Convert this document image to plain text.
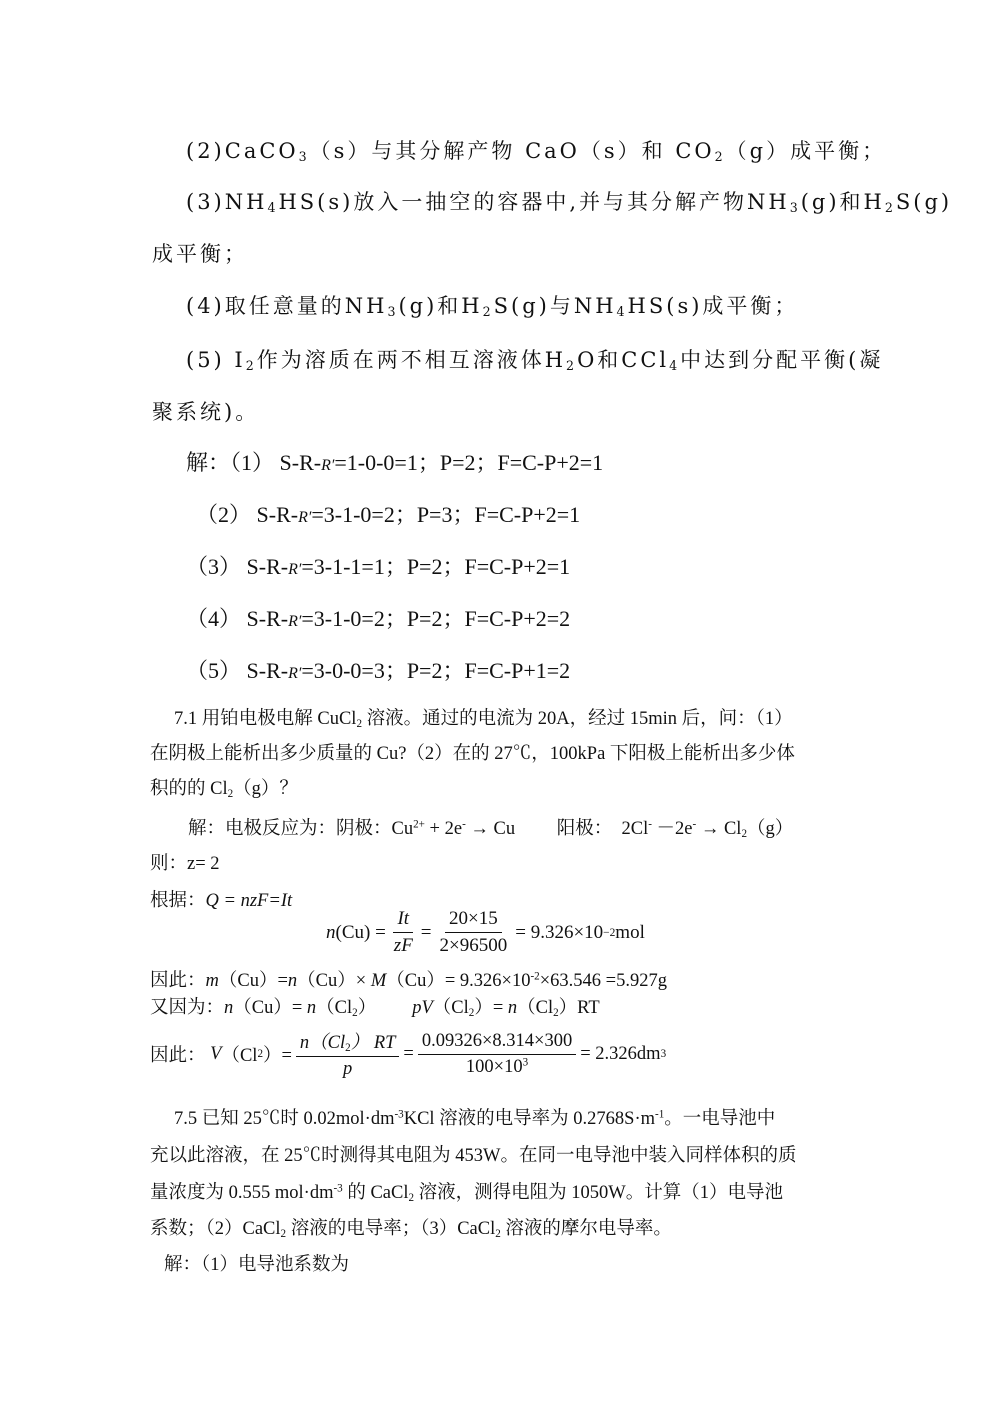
(2)CaCO$_3$（s）与其分解产物 CaO（s）和 $CO_2(g)$成平衡；
$(3)NH_4HS(s)$放入一抽空的容器中,并与其分解产物$NH_3(g)$和$H_2S(g)$
成平衡；
(4)取任意量的$NH_3(g)$和$H_2S(g)$与$NH_4HS(s)$成平衡；
(5) $I_2$作为溶质在两不相互溶液体$H_2O$和CCl$_4$中达到分配平衡(凝
聚系统)。
解：（1） S-R-R′=1-0-0=1；P=2；F=C-P+2=1
（2） S-R-R′=3-1-0=2；P=3；F=C-P+2=1
（3） S-R-R′=3-1-1=1；P=2；F=C-P+2=1
（4） S-R-R′=3-1-0=2；P=2；F=C-P+2=2
（5） S-R-R′=3-0-0=3；P=2；F=C-P+1=2
7.1 用铂电极电解 CuCl$_2$ 溶液。通过的电流为 20A，经过 15min 后，问：（1）
在阴极上能析出多少质量的 Cu?（2）在的 27℃，100kPa 下阳极上能析出多少体
积的的 $Cl_2(g)$？
解：电极反应为：阴极：$Cu^{2+} + 2e^- \to Cu$　　 阳极：　$2Cl^- -2e^- \to Cl_2(g)$
则：z= 2
根据：Q = nzF=It
n $(Cu) = \frac{It}{zF} = \frac{20\times 15}{2\times 96500} = 9.326\times 10 -2$ mol
因此：$m(Cu)=n(Cu)\times M(Cu)= 9.326\times 10^{-2}\times 63.546 =5.927g$
又因为：$n(Cu)= n(Cl_2)$ $pV(Cl_2)= n(Cl_2)RT$
因此：
V （Cl 2 ）= $\frac{n(Cl_2) RT}{p} = \frac{0.09326\times 8.314\times 300}{100\times 10^3} = 2.326dm$ 3
7.5 已知 25℃时 $0.02mol\cdot dm^{-3}KCl$ 溶液的电导率为 $0.2768S\cdot m^{-1}$。一电导池中
充以此溶液，在 25℃时测得其电阻为 453W。在同一电导池中装入同样体积的质
量浓度为 0.555 $mol\cdot dm^{-3}$ 的 CaCl$_2$ 溶液，测得电阻为 1050W。计算（1）电导池
系数；（2）CaCl$_2$ 溶液的电导率；（3）CaCl$_2$ 溶液的摩尔电导率。
解：（1）电导池系数为
